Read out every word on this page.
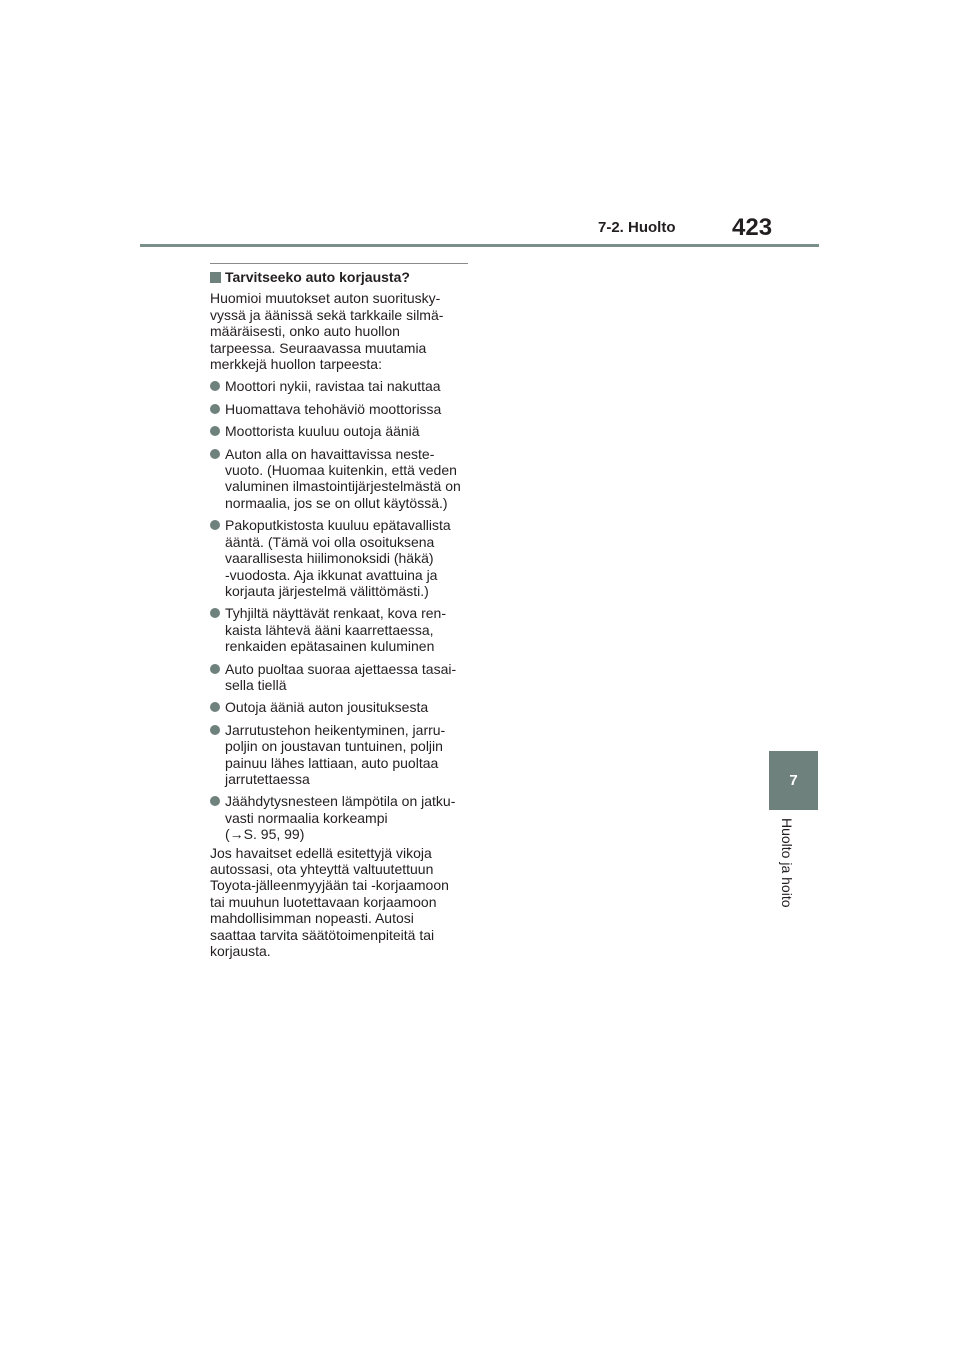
7-2. Huolto 423
7
Huolto ja hoito
Tarvitseeko auto korjausta?
Huomioi muutokset auton suoritusky-
vyssä ja äänissä sekä tarkkaile silmä-
määräisesti, onko auto huollon
tarpeessa. Seuraavassa muutamia
merkkejä huollon tarpeesta:
Moottori nykii, ravistaa tai nakuttaa
Huomattava tehohäviö moottorissa
Moottorista kuuluu outoja ääniä
Auton alla on havaittavissa neste-
vuoto. (Huomaa kuitenkin, että veden
valuminen ilmastointijärjestelmästä on
normaalia, jos se on ollut käytössä.)
Pakoputkistosta kuuluu epätavallista
ääntä. (Tämä voi olla osoituksena
vaarallisesta hiilimonoksidi (häkä)
-vuodosta. Aja ikkunat avattuina ja
korjauta järjestelmä välittömästi.)
Tyhjiltä näyttävät renkaat, kova ren-
kaista lähtevä ääni kaarrettaessa,
renkaiden epätasainen kuluminen
Auto puoltaa suoraa ajettaessa tasai-
sella tiellä
Outoja ääniä auton jousituksesta
Jarrutustehon heikentyminen, jarru-
poljin on joustavan tuntuinen, poljin
painuu lähes lattiaan, auto puoltaa
jarrutettaessa
Jäähdytysnesteen lämpötila on jatku-
vasti normaalia korkeampi
(→S. 95, 99)
Jos havaitset edellä esitettyjä vikoja
autossasi, ota yhteyttä valtuutettuun
Toyota-jälleenmyyjään tai -korjaamoon
tai muuhun luotettavaan korjaamoon
mahdollisimman nopeasti. Autosi
saattaa tarvita säätötoimenpiteitä tai
korjausta.
